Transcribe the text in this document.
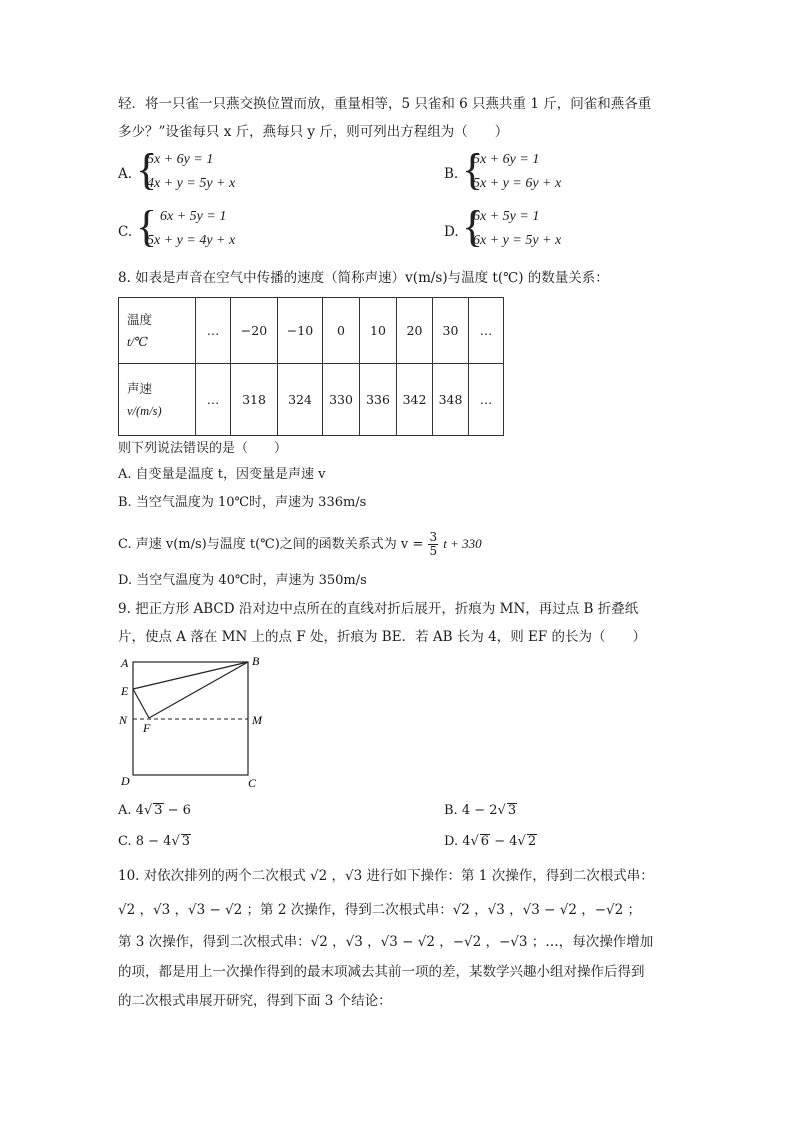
轻．将一只雀一只燕交换位置而放，重量相等，5 只雀和 6 只燕共重 1 斤，问雀和燕各重
多少？”设雀每只 x 斤，燕每只 y 斤，则可列出方程组为（　　）
A. {
5x + 6y = 1
4x + y = 5y + x
B. {
5x + 6y = 1
5x + y = 6y + x
C. { 6x + 5y = 1
5x + y = 4y + x
D. {
6x + 5y = 1
6x + y = 5y + x
8. 如表是声音在空气中传播的速度（简称声速）v(m/s)与温度 t(℃) 的数量关系：
温度
t/℃	…	−20	−10	0	10	20	30	…

声速
v/(m/s)	…	318	324	330	336	342	348	…
则下列说法错误的是（　　）
A. 自变量是温度 t，因变量是声速 v
B. 当空气温度为 10℃时，声速为 336m/s
C. 声速 v(m/s)与温度 t(℃)之间的函数关系式为 $v = \frac{3}{5}$ t + 330
D. 当空气温度为 40℃时，声速为 350m/s
9. 把正方形 ABCD 沿对边中点所在的直线对折后展开，折痕为 MN，再过点 B 折叠纸
片，使点 A 落在 MN 上的点 F 处，折痕为 BE．若 AB 长为 4，则 EF 的长为（　　）
A	B
C
D
E
F
M
N
A. 4√ 3 − 6	B. 4 − 2√ 3
C. 8 − 4√ 3	D. 4√ 6 − 4√ 2
10. 对依次排列的两个二次根式 √2 ，√3 进行如下操作：第 1 次操作，得到二次根式串：
√2 ，√3 ，√3 − √2 ；第 2 次操作，得到二次根式串：√2 ，√3 ，√3 − √2 ，−√2 ；
第 3 次操作，得到二次根式串：√2 ，√3 ，√3 − √2 ，−√2 ，−√3 ；…，每次操作增加
的项，都是用上一次操作得到的最末项减去其前一项的差，某数学兴趣小组对操作后得到
的二次根式串展开研究，得到下面 3 个结论：
